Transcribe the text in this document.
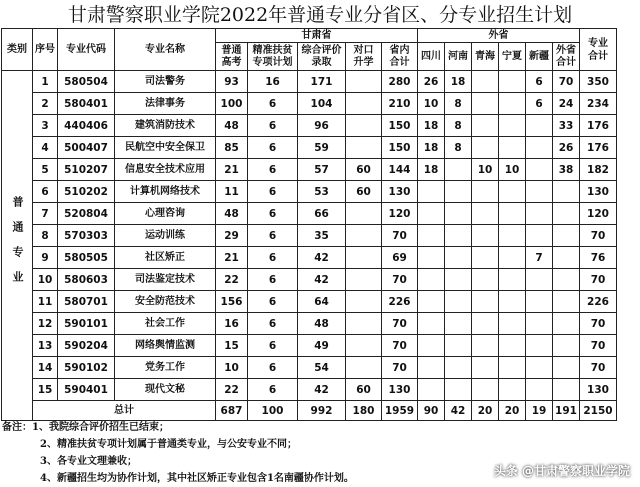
甘肃警察职业学院2022年普通专业分省区、分专业招生计划
类别	序号	专业代码	专业名称	甘肃省					外省						专业合计
				普通高考	精准扶贫专项计划	综合评价录取	对口升学	省内合计	四川	河南	青海	宁夏	新疆	外省合计	
普通专业	1	580504	司法警务	93	16	171		280	26	18			6	70	350
	2	580401	法律事务	100	6	104		210	10	8			6	24	234
	3	440406	建筑消防技术	48	6	96		150	18	8				33	176
	4	500407	民航空中安全保卫	85	6	59		150	18	8				26	176
	5	510207	信息安全技术应用	21	6	57	60	144	18		10	10		38	182
	6	510202	计算机网络技术	11	6	53	60	130							130
	7	520804	心理咨询	48	6	66		120							120
	8	570303	运动训练	29	6	35		70							70
	9	580505	社区矫正	21	6	42		69					7		76
	10	580603	司法鉴定技术	22	6	42		70							70
	11	580701	安全防范技术	156	6	64		226							226
	12	590101	社会工作	16	6	48		70							70
	13	590204	网络舆情监测	15	6	49		70							70
	14	590102	党务工作	10	6	54		70							70
	15	590401	现代文秘	22	6	42	60	130							130
	总计			687	100	992	180	1959	90	42	20	20	19	191	2150
备注：1、我院综合评价招生已结束；
2、精准扶贫专项计划属于普通类专业，与公安专业不同；
3、各专业文理兼收；
4、新疆招生均为协作计划，其中社区矫正专业包含1名南疆协作计划。
头条 @甘肃警察职业学院
